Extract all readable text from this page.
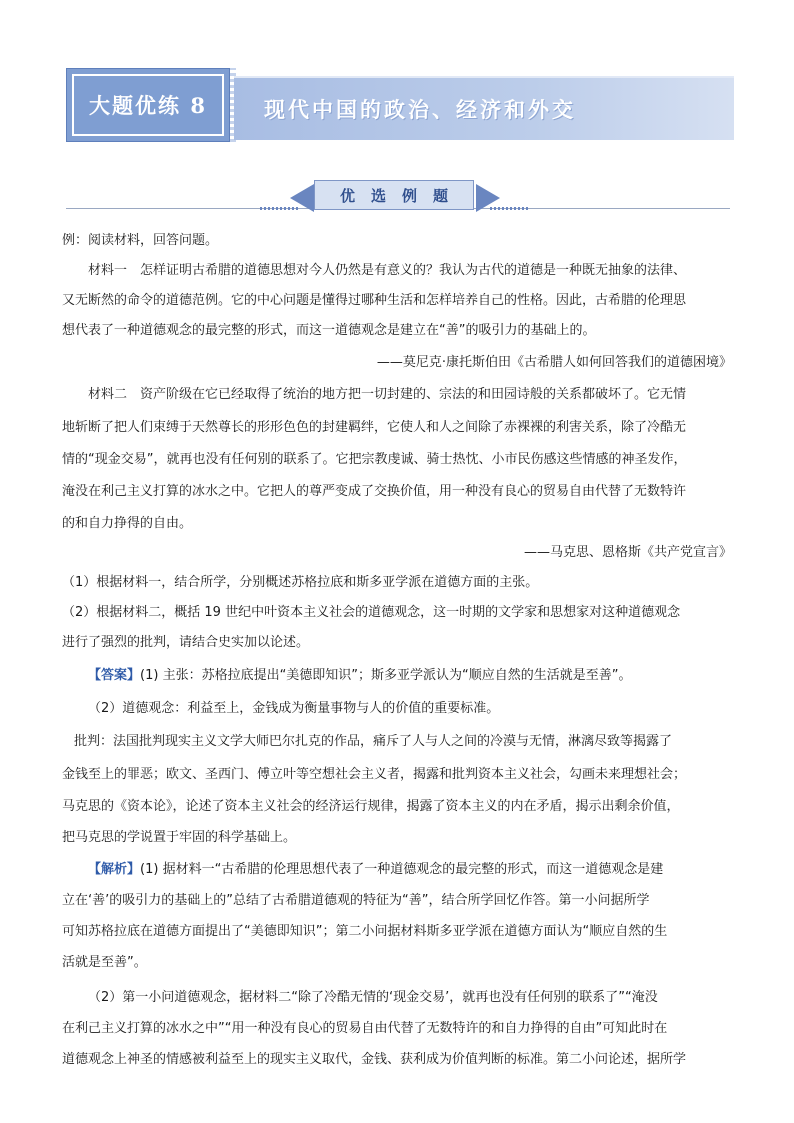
大题优练 8	现代中国的政治、经济和外交
优 选 例 题

例：阅读材料，回答问题。

材料一　怎样证明古希腊的道德思想对今人仍然是有意义的？我认为古代的道德是一种既无抽象的法律、

又无断然的命令的道德范例。它的中心问题是懂得过哪种生活和怎样培养自己的性格。因此，古希腊的伦理思

想代表了一种道德观念的最完整的形式，而这一道德观念是建立在“善”的吸引力的基础上的。

——莫尼克·康托斯伯田《古希腊人如何回答我们的道德困境》

材料二　资产阶级在它已经取得了统治的地方把一切封建的、宗法的和田园诗般的关系都破坏了。它无情

地斩断了把人们束缚于天然尊长的形形色色的封建羁绊，它使人和人之间除了赤裸裸的利害关系，除了冷酷无

情的“现金交易”，就再也没有任何别的联系了。它把宗教虔诚、骑士热忱、小市民伤感这些情感的神圣发作，

淹没在利己主义打算的冰水之中。它把人的尊严变成了交换价值，用一种没有良心的贸易自由代替了无数特许

的和自力挣得的自由。

——马克思、恩格斯《共产党宣言》

（1）根据材料一，结合所学，分别概述苏格拉底和斯多亚学派在道德方面的主张。

（2）根据材料二，概括 19 世纪中叶资本主义社会的道德观念，这一时期的文学家和思想家对这种道德观念

进行了强烈的批判，请结合史实加以论述。

【答案】(1) 主张：苏格拉底提出“美德即知识”；斯多亚学派认为“顺应自然的生活就是至善”。

（2）道德观念：利益至上，金钱成为衡量事物与人的价值的重要标准。

批判：法国批判现实主义文学大师巴尔扎克的作品，痛斥了人与人之间的冷漠与无情，淋漓尽致等揭露了

金钱至上的罪恶；欧文、圣西门、傅立叶等空想社会主义者，揭露和批判资本主义社会，勾画未来理想社会；

马克思的《资本论》，论述了资本主义社会的经济运行规律，揭露了资本主义的内在矛盾，揭示出剩余价值，

把马克思的学说置于牢固的科学基础上。

【解析】(1) 据材料一“古希腊的伦理思想代表了一种道德观念的最完整的形式，而这一道德观念是建

立在‘善’的吸引力的基础上的”总结了古希腊道德观的特征为“善”，结合所学回忆作答。第一小问据所学

可知苏格拉底在道德方面提出了“美德即知识”；第二小问据材料斯多亚学派在道德方面认为“顺应自然的生

活就是至善”。

（2）第一小问道德观念，据材料二“除了冷酷无情的‘现金交易’，就再也没有任何别的联系了”“淹没

在利己主义打算的冰水之中”“用一种没有良心的贸易自由代替了无数特许的和自力挣得的自由”可知此时在

道德观念上神圣的情感被利益至上的现实主义取代，金钱、获利成为价值判断的标准。第二小问论述，据所学
